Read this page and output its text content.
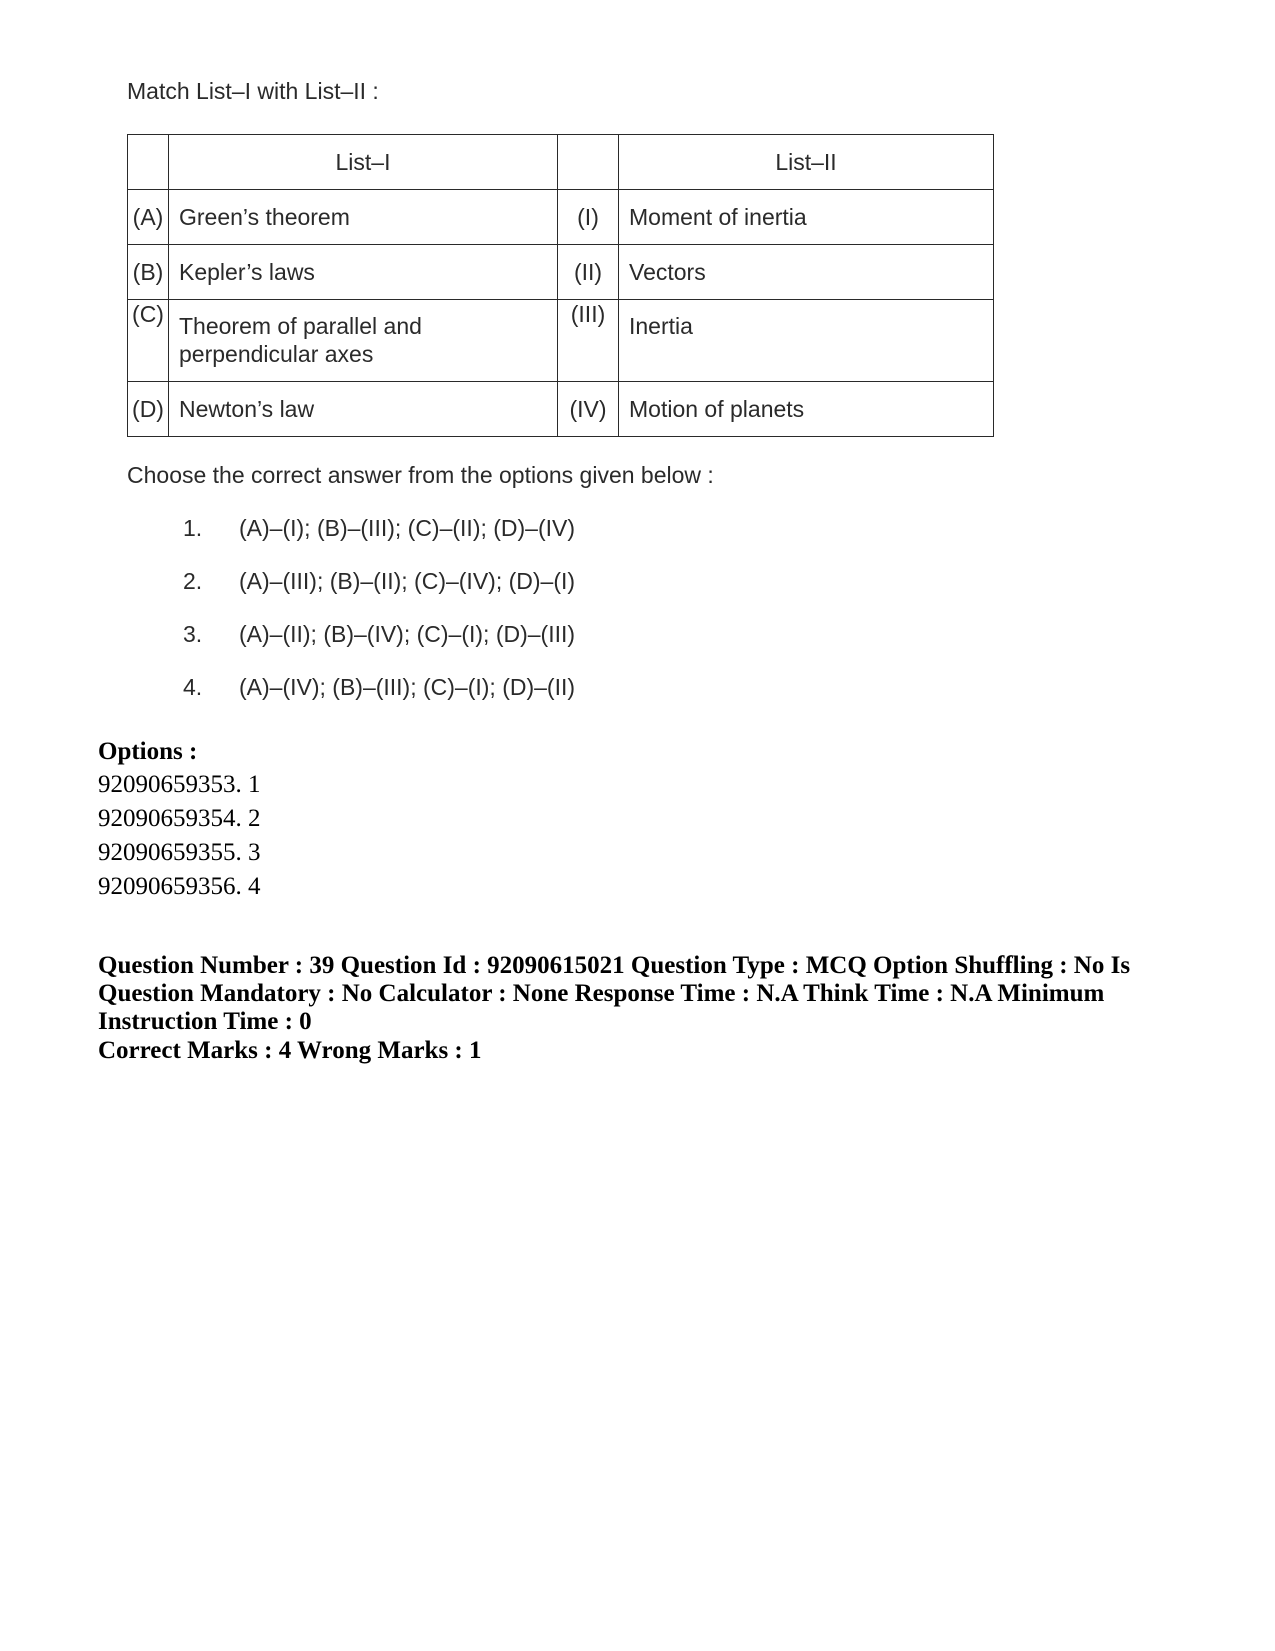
Match List–I with List–II :
	List–I		List–II
(A)	Green’s theorem	(I)	Moment of inertia
(B)	Kepler’s laws	(II)	Vectors
(C)	Theorem of parallel and perpendicular axes	(III)	Inertia
(D)	Newton’s law	(IV)	Motion of planets
Choose the correct answer from the options given below :
1. (A)–(I); (B)–(III); (C)–(II); (D)–(IV)
2. (A)–(III); (B)–(II); (C)–(IV); (D)–(I)
3. (A)–(II); (B)–(IV); (C)–(I); (D)–(III)
4. (A)–(IV); (B)–(III); (C)–(I); (D)–(II)
Options :
92090659353. 1
92090659354. 2
92090659355. 3
92090659356. 4
Question Number : 39 Question Id : 92090615021 Question Type : MCQ Option Shuffling : No Is Question Mandatory : No Calculator : None Response Time : N.A Think Time : N.A Minimum Instruction Time : 0
Correct Marks : 4 Wrong Marks : 1
